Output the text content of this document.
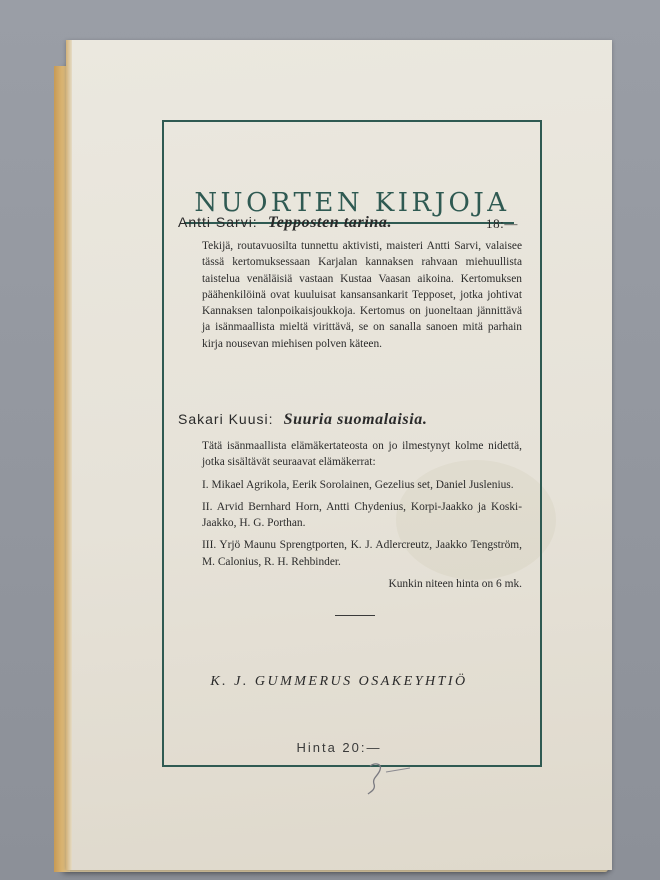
NUORTEN KIRJOJA
Antti Sarvi: Tepposten tarina.	18:—

Tekijä, routavuosilta tunnettu aktivisti, maisteri Antti Sarvi, valaisee tässä kertomuksessaan Karjalan kannaksen rahvaan miehuullista taistelua venäläisiä vastaan Kustaa Vaasan aikoina. Kertomuksen päähenkilöinä ovat kuuluisat kansansankarit Tepposet, jotka johtivat Kannaksen talonpoikaisjoukkoja. Kertomus on juoneltaan jännittävä ja isänmaallista mieltä virittävä, se on sanalla sanoen mitä parhain kirja nousevan miehisen polven käteen.

Sakari Kuusi: Suuria suomalaisia.

Tätä isänmaallista elämäkertateosta on jo ilmestynyt kolme nidettä, jotka sisältävät seuraavat elämäkerrat:

I. Mikael Agrikola, Eerik Sorolainen, Gezelius set, Daniel Juslenius.

II. Arvid Bernhard Horn, Antti Chydenius, Korpi-Jaakko ja Koski-Jaakko, H. G. Porthan.

III. Yrjö Maunu Sprengtporten, K. J. Adlercreutz, Jaakko Tengström, M. Calonius, R. H. Rehbinder.

Kunkin niteen hinta on 6 mk.

K. J. GUMMERUS OSAKEYHTIÖ
Hinta 20:—
